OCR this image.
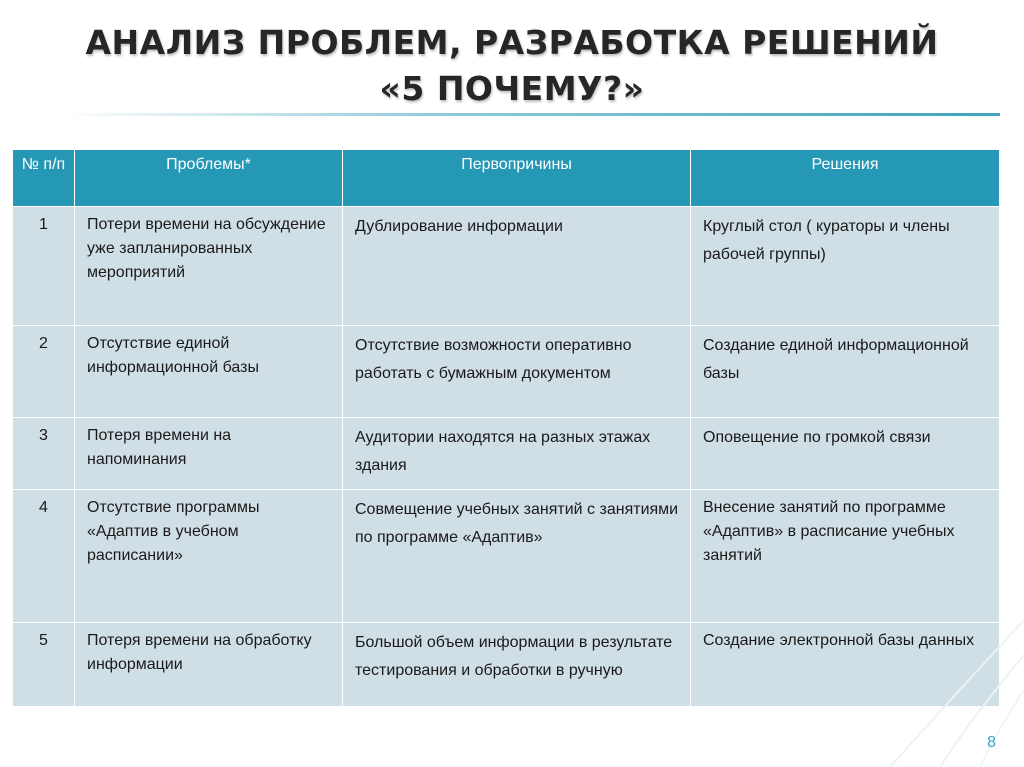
АНАЛИЗ ПРОБЛЕМ, РАЗРАБОТКА РЕШЕНИЙ
«5 ПОЧЕМУ?»
№ п/п	Проблемы*	Первопричины	Решения
1	Потери времени на обсуждение уже запланированных мероприятий	Дублирование информации	Круглый стол ( кураторы и члены рабочей группы)
2	Отсутствие единой информационной базы	Отсутствие возможности оперативно работать с бумажным документом	Создание единой информационной базы
3	Потеря времени на напоминания	Аудитории находятся на разных этажах здания	Оповещение по громкой связи
4	Отсутствие программы «Адаптив в учебном расписании»	Совмещение учебных занятий с занятиями по программе «Адаптив»	Внесение занятий по программе «Адаптив» в расписание учебных занятий
5	Потеря времени на обработку информации	Большой объем информации в результате тестирования и обработки в ручную	Создание электронной базы данных
8
